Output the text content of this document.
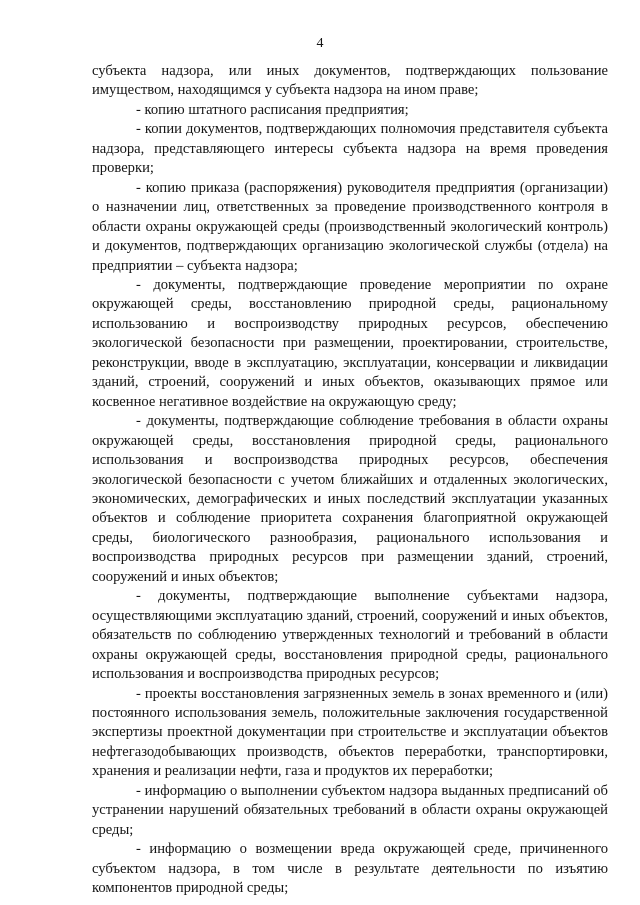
4

субъекта надзора, или иных документов, подтверждающих пользование имуществом, находящимся у субъекта надзора на ином праве;

- копию штатного расписания предприятия;

- копии документов, подтверждающих полномочия представителя субъекта надзора, представляющего интересы субъекта надзора на время проведения проверки;

- копию приказа (распоряжения) руководителя предприятия (организации) о назначении лиц, ответственных за проведение производственного контроля в области охраны окружающей среды (производственный экологический контроль) и документов, подтверждающих организацию экологической службы (отдела) на предприятии – субъекта надзора;

- документы, подтверждающие проведение мероприятии по охране окружающей среды, восстановлению природной среды, рациональному использованию и воспроизводству природных ресурсов, обеспечению экологической безопасности при размещении, проектировании, строительстве, реконструкции, вводе в эксплуатацию, эксплуатации, консервации и ликвидации зданий, строений, сооружений и иных объектов, оказывающих прямое или косвенное негативное воздействие на окружающую среду;

- документы, подтверждающие соблюдение требования в области охраны окружающей среды, восстановления природной среды, рационального использования и воспроизводства природных ресурсов, обеспечения экологической безопасности с учетом ближайших и отдаленных экологических, экономических, демографических и иных последствий эксплуатации указанных объектов и соблюдение приоритета сохранения благоприятной окружающей среды, биологического разнообразия, рационального использования и воспроизводства природных ресурсов при размещении зданий, строений, сооружений и иных объектов;

- документы, подтверждающие выполнение субъектами надзора, осуществляющими эксплуатацию зданий, строений, сооружений и иных объектов, обязательств по соблюдению утвержденных технологий и требований в области охраны окружающей среды, восстановления природной среды, рационального использования и воспроизводства природных ресурсов;

- проекты восстановления загрязненных земель в зонах временного и (или) постоянного использования земель, положительные заключения государственной экспертизы проектной документации при строительстве и эксплуатации объектов нефтегазодобывающих производств, объектов переработки, транспортировки, хранения и реализации нефти, газа и продуктов их переработки;

- информацию о выполнении субъектом надзора выданных предписаний об устранении нарушений обязательных требований в области охраны окружающей среды;

- информацию о возмещении вреда окружающей среде, причиненного субъектом надзора, в том числе в результате деятельности по изъятию компонентов природной среды;
